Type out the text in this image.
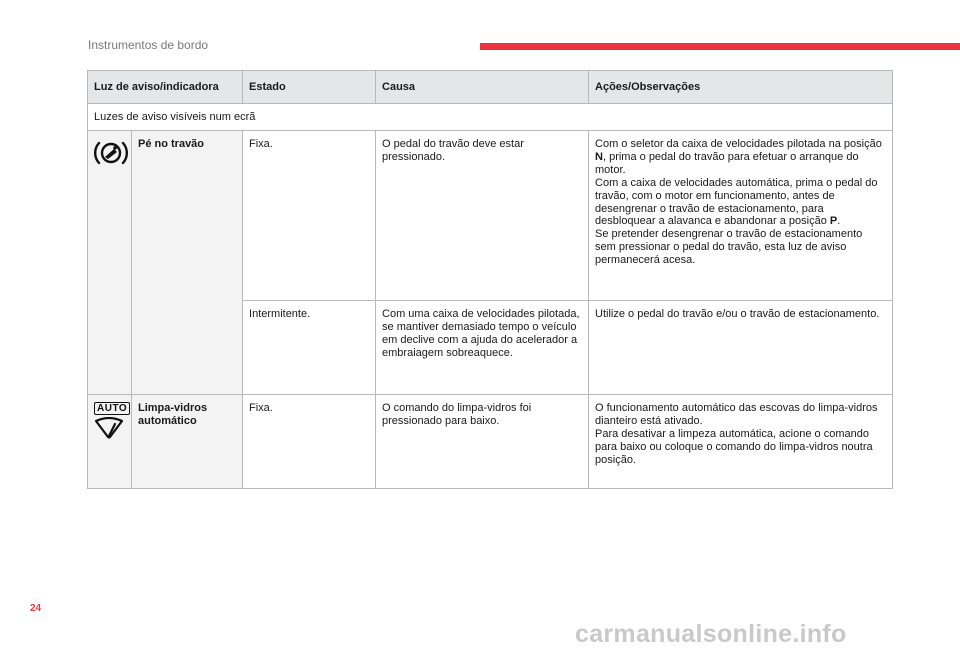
Instrumentos de bordo
Luz de aviso/indicadora		Estado	Causa	Ações/Observações
Luzes de aviso visíveis num ecrã				
	Pé no travão	Fixa.	O pedal do travão deve estar pressionado.	Com o seletor da caixa de velocidades pilotada na posição N, prima o pedal do travão para efetuar o arranque do motor.
Com a caixa de velocidades automática, prima o pedal do travão, com o motor em funcionamento, antes de desengrenar o travão de estacionamento, para desbloquear a alavanca e abandonar a posição P.
Se pretender desengrenar o travão de estacionamento sem pressionar o pedal do travão, esta luz de aviso permanecerá acesa.
		Intermitente.	Com uma caixa de velocidades pilotada, se mantiver demasiado tempo o veículo em declive com a ajuda do acelerador a embraiagem sobreaquece.	Utilize o pedal do travão e/ou o travão de estacionamento.

AUTO	Limpa-vidros automático	Fixa.	O comando do limpa-vidros foi pressionado para baixo.	O funcionamento automático das escovas do limpa-vidros dianteiro está ativado.
Para desativar a limpeza automática, acione o comando para baixo ou coloque o comando do limpa-vidros noutra posição.
24
carmanualsonline.info
